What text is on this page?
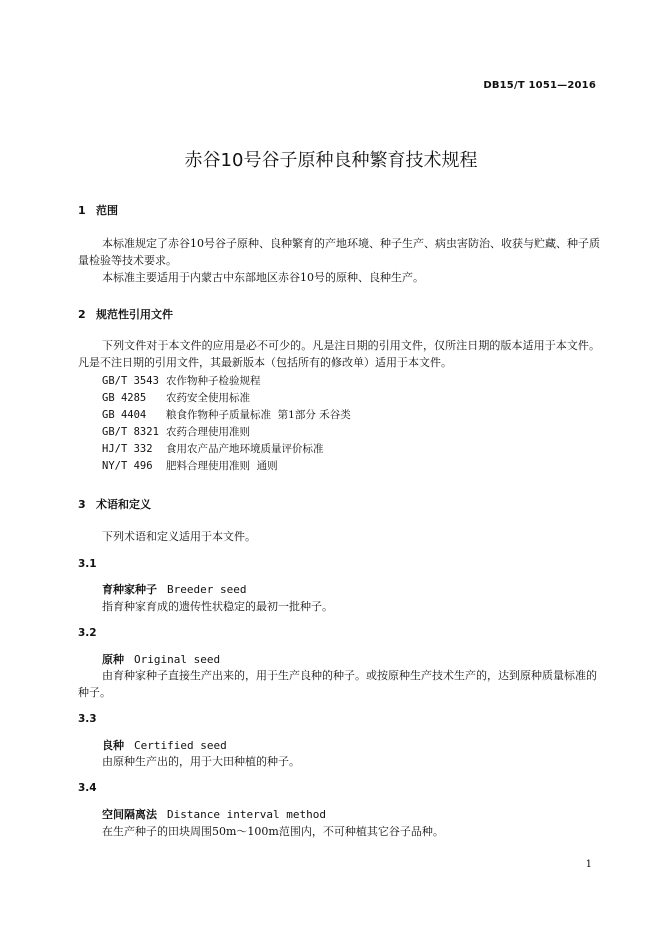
DB15/T 1051—2016
赤谷10号谷子原种良种繁育技术规程
1 范围
本标准规定了赤谷10号谷子原种、良种繁育的产地环境、种子生产、病虫害防治、收获与贮藏、种子质量检验等技术要求。
本标准主要适用于内蒙古中东部地区赤谷10号的原种、良种生产。
2 规范性引用文件
下列文件对于本文件的应用是必不可少的。凡是注日期的引用文件，仅所注日期的版本适用于本文件。凡是不注日期的引用文件，其最新版本（包括所有的修改单）适用于本文件。
GB/T 3543 农作物种子检验规程
GB 4285 农药安全使用标准
GB 4404 粮食作物种子质量标准  第1部分 禾谷类
GB/T 8321 农药合理使用准则
HJ/T 332 食用农产品产地环境质量评价标准
NY/T 496 肥料合理使用准则  通则
3 术语和定义
下列术语和定义适用于本文件。
3.1
育种家种子 Breeder seed
指育种家育成的遗传性状稳定的最初一批种子。
3.2
原种 Original seed
由育种家种子直接生产出来的，用于生产良种的种子。或按原种生产技术生产的，达到原种质量标准的种子。
3.3
良种 Certified seed
由原种生产出的，用于大田种植的种子。
3.4
空间隔离法 Distance interval method
在生产种子的田块周围50m～100m范围内，不可种植其它谷子品种。
1
